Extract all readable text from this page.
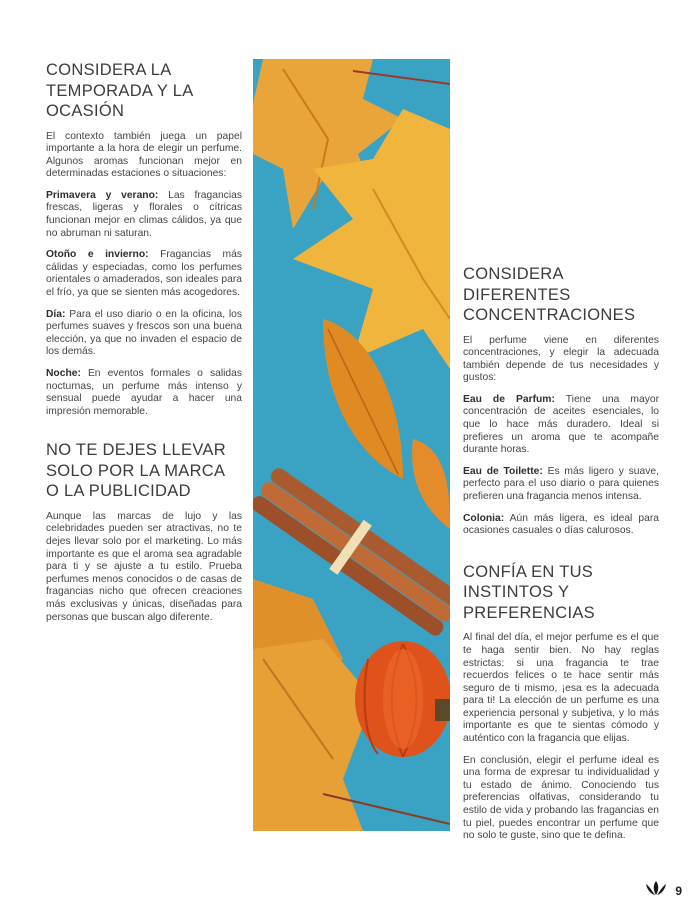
CONSIDERA LA TEMPORADA Y LA OCASIÓN

El contexto también juega un papel importante a la hora de elegir un perfume. Algunos aromas funcionan mejor en determinadas estaciones o situaciones:

Primavera y verano: Las fragancias frescas, ligeras y florales o cítricas funcionan mejor en climas cálidos, ya que no abruman ni saturan.

Otoño e invierno: Fragancias más cálidas y especiadas, como los perfumes orientales o amaderados, son ideales para el frío, ya que se sienten más acogedores.

Día: Para el uso diario o en la oficina, los perfumes suaves y frescos son una buena elección, ya que no invaden el espacio de los demás.

Noche: En eventos formales o salidas nocturnas, un perfume más intenso y sensual puede ayudar a hacer una impresión memorable.

NO TE DEJES LLEVAR SOLO POR LA MARCA O LA PUBLICIDAD

Aunque las marcas de lujo y las celebridades pueden ser atractivas, no te dejes llevar solo por el marketing. Lo más importante es que el aroma sea agradable para ti y se ajuste a tu estilo. Prueba perfumes menos conocidos o de casas de fragancias nicho que ofrecen creaciones más exclusivas y únicas, diseñadas para personas que buscan algo diferente.

CONSIDERA DIFERENTES CONCENTRACIONES

El perfume viene en diferentes concentraciones, y elegir la adecuada también depende de tus necesidades y gustos:

Eau de Parfum: Tiene una mayor concentración de aceites esenciales, lo que lo hace más duradero. Ideal si prefieres un aroma que te acompañe durante horas.

Eau de Toilette: Es más ligero y suave, perfecto para el uso diario o para quienes prefieren una fragancia menos intensa.

Colonia: Aún más ligera, es ideal para ocasiones casuales o días calurosos.

CONFÍA EN TUS INSTINTOS Y PREFERENCIAS

Al final del día, el mejor perfume es el que te haga sentir bien. No hay reglas estrictas: si una fragancia te trae recuerdos felices o te hace sentir más seguro de ti mismo, ¡esa es la adecuada para ti! La elección de un perfume es una experiencia personal y subjetiva, y lo más importante es que te sientas cómodo y auténtico con la fragancia que elijas.

En conclusión, elegir el perfume ideal es una forma de expresar tu individualidad y tu estado de ánimo. Conociendo tus preferencias olfativas, considerando tu estilo de vida y probando las fragancias en tu piel, puedes encontrar un perfume que no solo te guste, sino que te defina.

9
